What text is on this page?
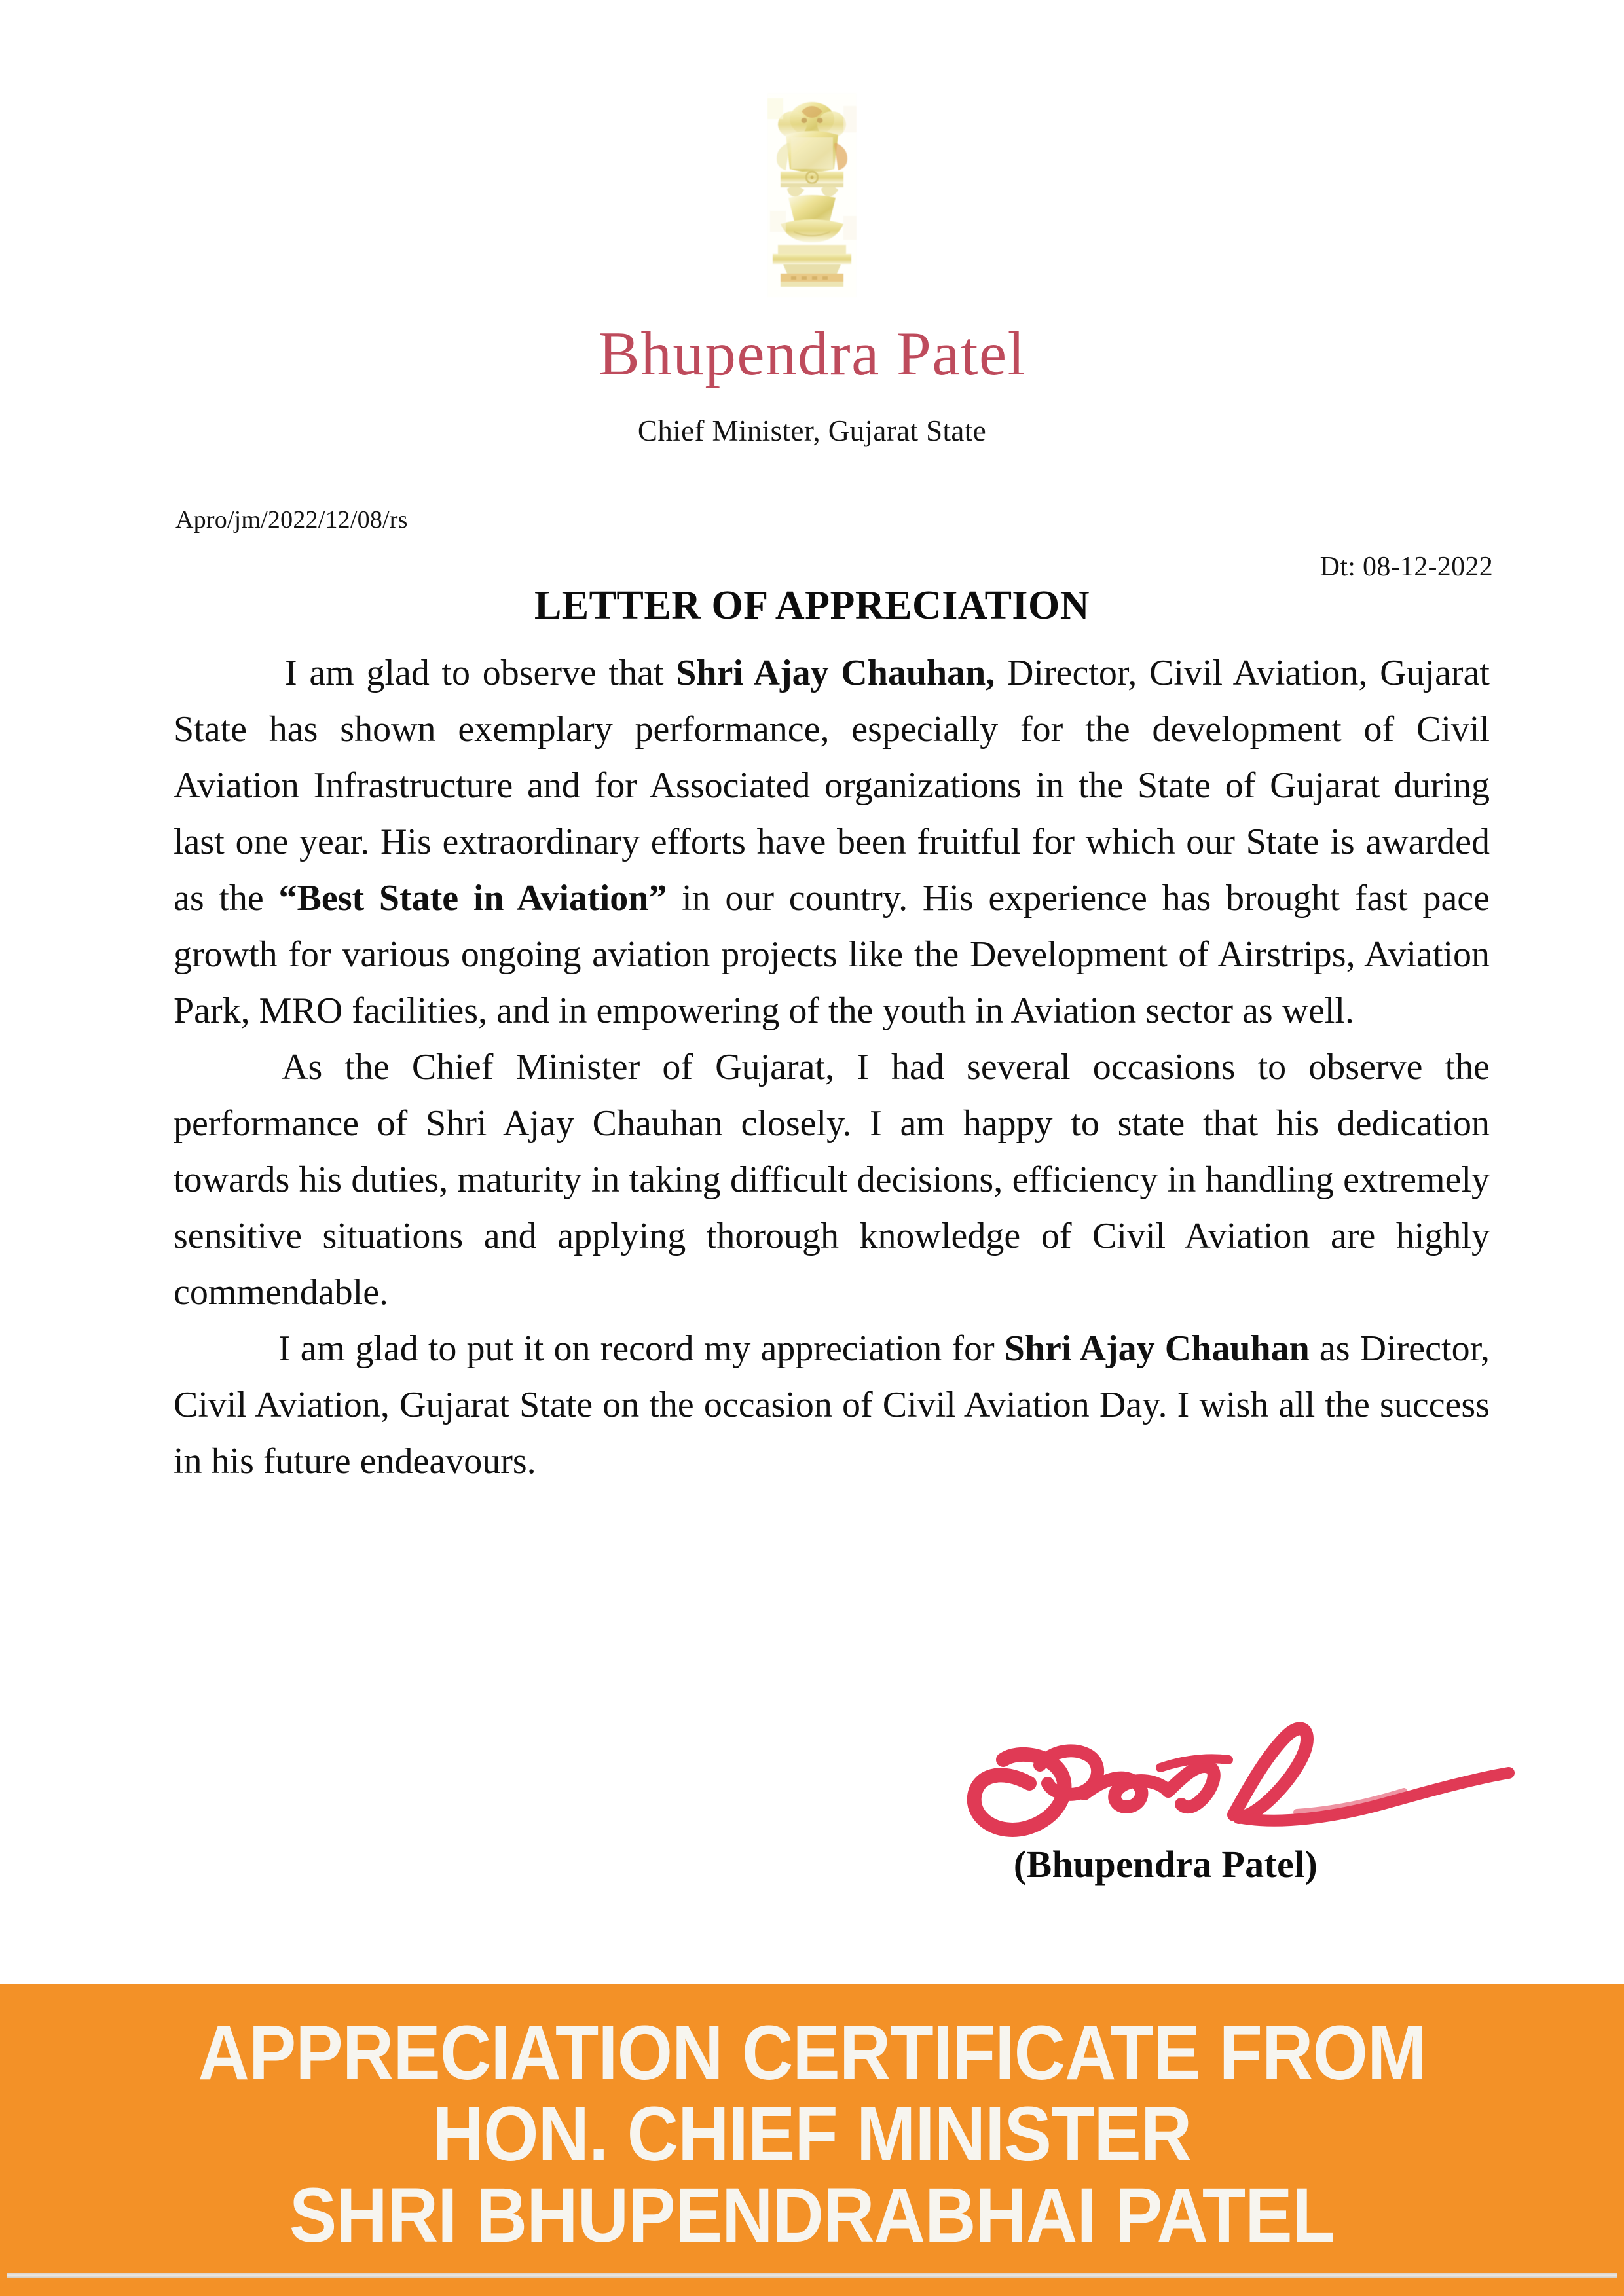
Bhupendra Patel
Chief Minister, Gujarat State
Apro/jm/2022/12/08/rs
Dt: 08-12-2022
LETTER OF APPRECIATION

I am glad to observe that Shri Ajay Chauhan, Director, Civil Aviation, Gujarat State has shown exemplary performance, especially for the development of Civil Aviation Infrastructure and for Associated organizations in the State of Gujarat during last one year. His extraordinary efforts have been fruitful for which our State is awarded as the “Best State in Aviation” in our country. His experience has brought fast pace growth for various ongoing aviation projects like the Development of Airstrips, Aviation Park, MRO facilities, and in empowering of the youth in Aviation sector as well.

As the Chief Minister of Gujarat, I had several occasions to observe the performance of Shri Ajay Chauhan closely. I am happy to state that his dedication towards his duties, maturity in taking difficult decisions, efficiency in handling extremely sensitive situations and applying thorough knowledge of Civil Aviation are highly commendable.

I am glad to put it on record my appreciation for Shri Ajay Chauhan as Director, Civil Aviation, Gujarat State on the occasion of Civil Aviation Day. I wish all the success in his future endeavours.

(Bhupendra Patel)
APPRECIATION CERTIFICATE FROM
HON. CHIEF MINISTER
SHRI BHUPENDRABHAI PATEL
